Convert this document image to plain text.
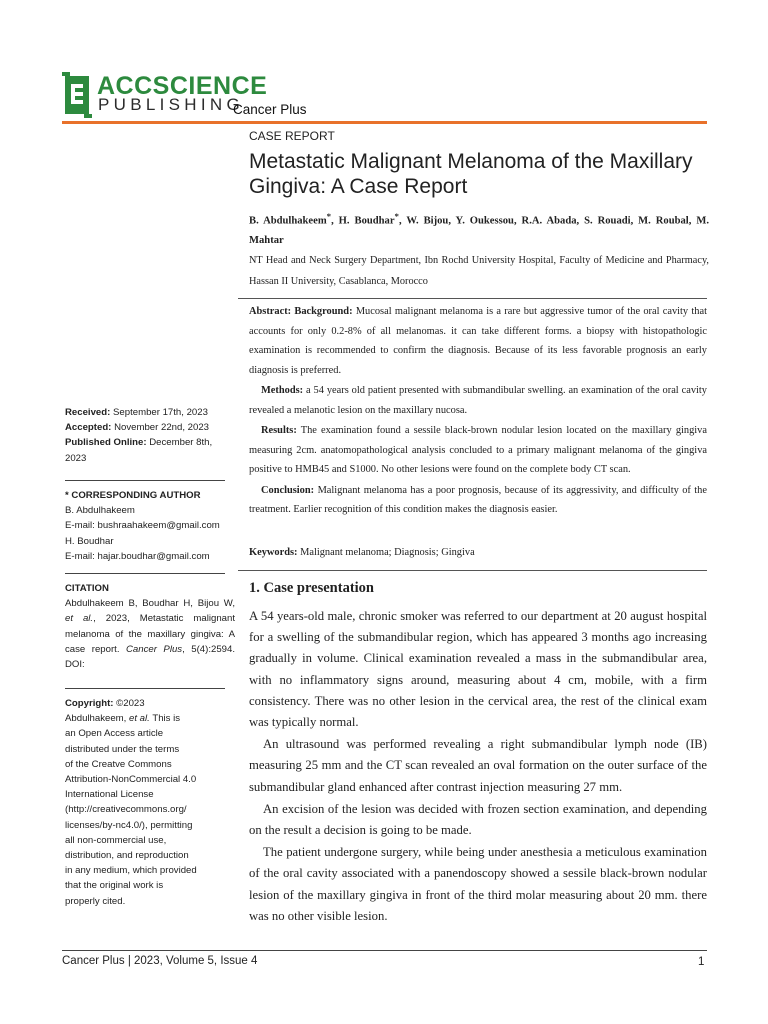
ACCSCIENCE
PUBLISHING
Cancer Plus
CASE REPORT
Metastatic Malignant Melanoma of the Maxillary Gingiva: A Case Report
B. Abdulhakeem*, H. Boudhar*, W. Bijou, Y. Oukessou, R.A. Abada, S. Rouadi, M. Roubal, M. Mahtar
NT Head and Neck Surgery Department, Ibn Rochd University Hospital, Faculty of Medicine and Pharmacy, Hassan II University, Casablanca, Morocco

Abstract: Background: Mucosal malignant melanoma is a rare but aggressive tumor of the oral cavity that accounts for only 0.2-8% of all melanomas. it can take different forms. a biopsy with histopathologic examination is recommended to confirm the diagnosis. Because of its less favorable prognosis an early diagnosis is preferred.

Methods: a 54 years old patient presented with submandibular swelling. an examination of the oral cavity revealed a melanotic lesion on the maxillary nucosa.

Results: The examination found a sessile black-brown nodular lesion located on the maxillary gingiva measuring 2cm. anatomopathological analysis concluded to a primary malignant melanoma of the gingiva positive to HMB45 and S1000. No other lesions were found on the complete body CT scan.

Conclusion: Malignant melanoma has a poor prognosis, because of its aggressivity, and difficulty of the treatment. Earlier recognition of this condition makes the diagnosis easier.

Keywords: Malignant melanoma; Diagnosis; Gingiva
1. Case presentation

A 54 years-old male, chronic smoker was referred to our department at 20 august hospital for a swelling of the submandibular region, which has appeared 3 months ago increasing gradually in volume. Clinical examination revealed a mass in the submandibular area, with no inflammatory signs around, measuring about 4 cm, mobile, with a firm consistency. There was no other lesion in the cervical area, the rest of the clinical exam was typically normal.

An ultrasound was performed revealing a right submandibular lymph node (IB) measuring 25 mm and the CT scan revealed an oval formation on the outer surface of the submandibular gland enhanced after contrast injection measuring 27 mm.

An excision of the lesion was decided with frozen section examination, and depending on the result a decision is going to be made.

The patient undergone surgery, while being under anesthesia a meticulous examination of the oral cavity associated with a panendoscopy showed a sessile black-brown nodular lesion of the maxillary gingiva in front of the third molar measuring about 20 mm. there was no other visible lesion.

Received: September 17th, 2023
Accepted: November 22nd, 2023
Published Online: December 8th, 2023
* CORRESPONDING AUTHOR
B. Abdulhakeem
E-mail: bushraahakeem@gmail.com
H. Boudhar
E-mail: hajar.boudhar@gmail.com
CITATION
Abdulhakeem B, Boudhar H, Bijou W, et al., 2023, Metastatic malignant melanoma of the maxillary gingiva: A case report. Cancer Plus, 5(4):2594. DOI:
Copyright: ©2023
Abdulhakeem, et al. This is
an Open Access article
distributed under the terms
of the Creatve Commons
Attribution-NonCommercial 4.0
International License
(http://creativecommons.org/
licenses/by-nc4.0/), permitting
all non-commercial use,
distribution, and reproduction
in any medium, which provided
that the original work is
properly cited.
Cancer Plus | 2023, Volume 5, Issue 4	1
